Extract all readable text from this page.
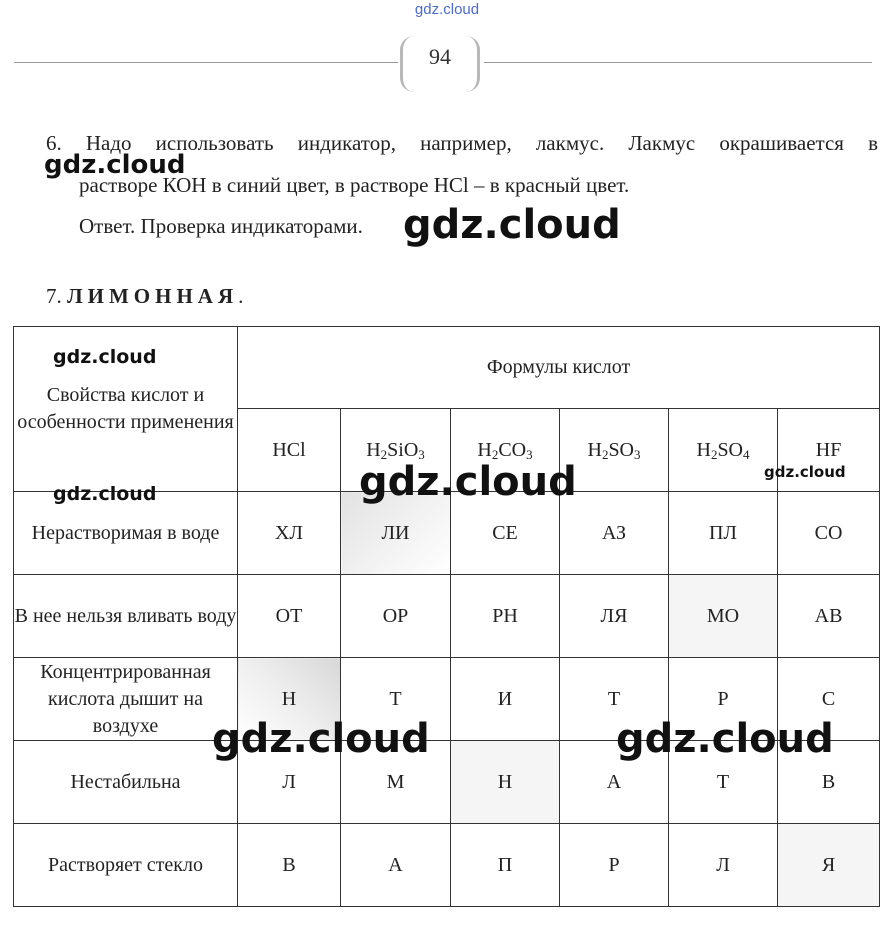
gdz.cloud
94
6. Надо использовать индикатор, например, лакмус. Лакмус окрашивается в
растворе КОН в синий цвет, в растворе HCl – в красный цвет.
Ответ. Проверка индикаторами.
7. ЛИМОННАЯ.
Свойства кислот и особенности применения	Формулы кислот					
	HCl	$H_2SiO_3$	$H_2CO_3$	$H_2SO_3$	$H_2SO_4$	HF
Нерастворимая в воде	ХЛ	ЛИ	СЕ	АЗ	ПЛ	СО
В нее нельзя вливать воду	ОТ	ОР	РН	ЛЯ	МО	АВ
Концентрированная кислота дышит на воздухе	Н	Т	И	Т	Р	С
Нестабильна	Л	М	Н	А	Т	В
Растворяет стекло	В	А	П	Р	Л	Я
gdz.cloud
gdz.cloud
gdz.cloud
gdz.cloud	gdz.cloud
gdz.cloud
gdz.cloud	gdz.cloud
